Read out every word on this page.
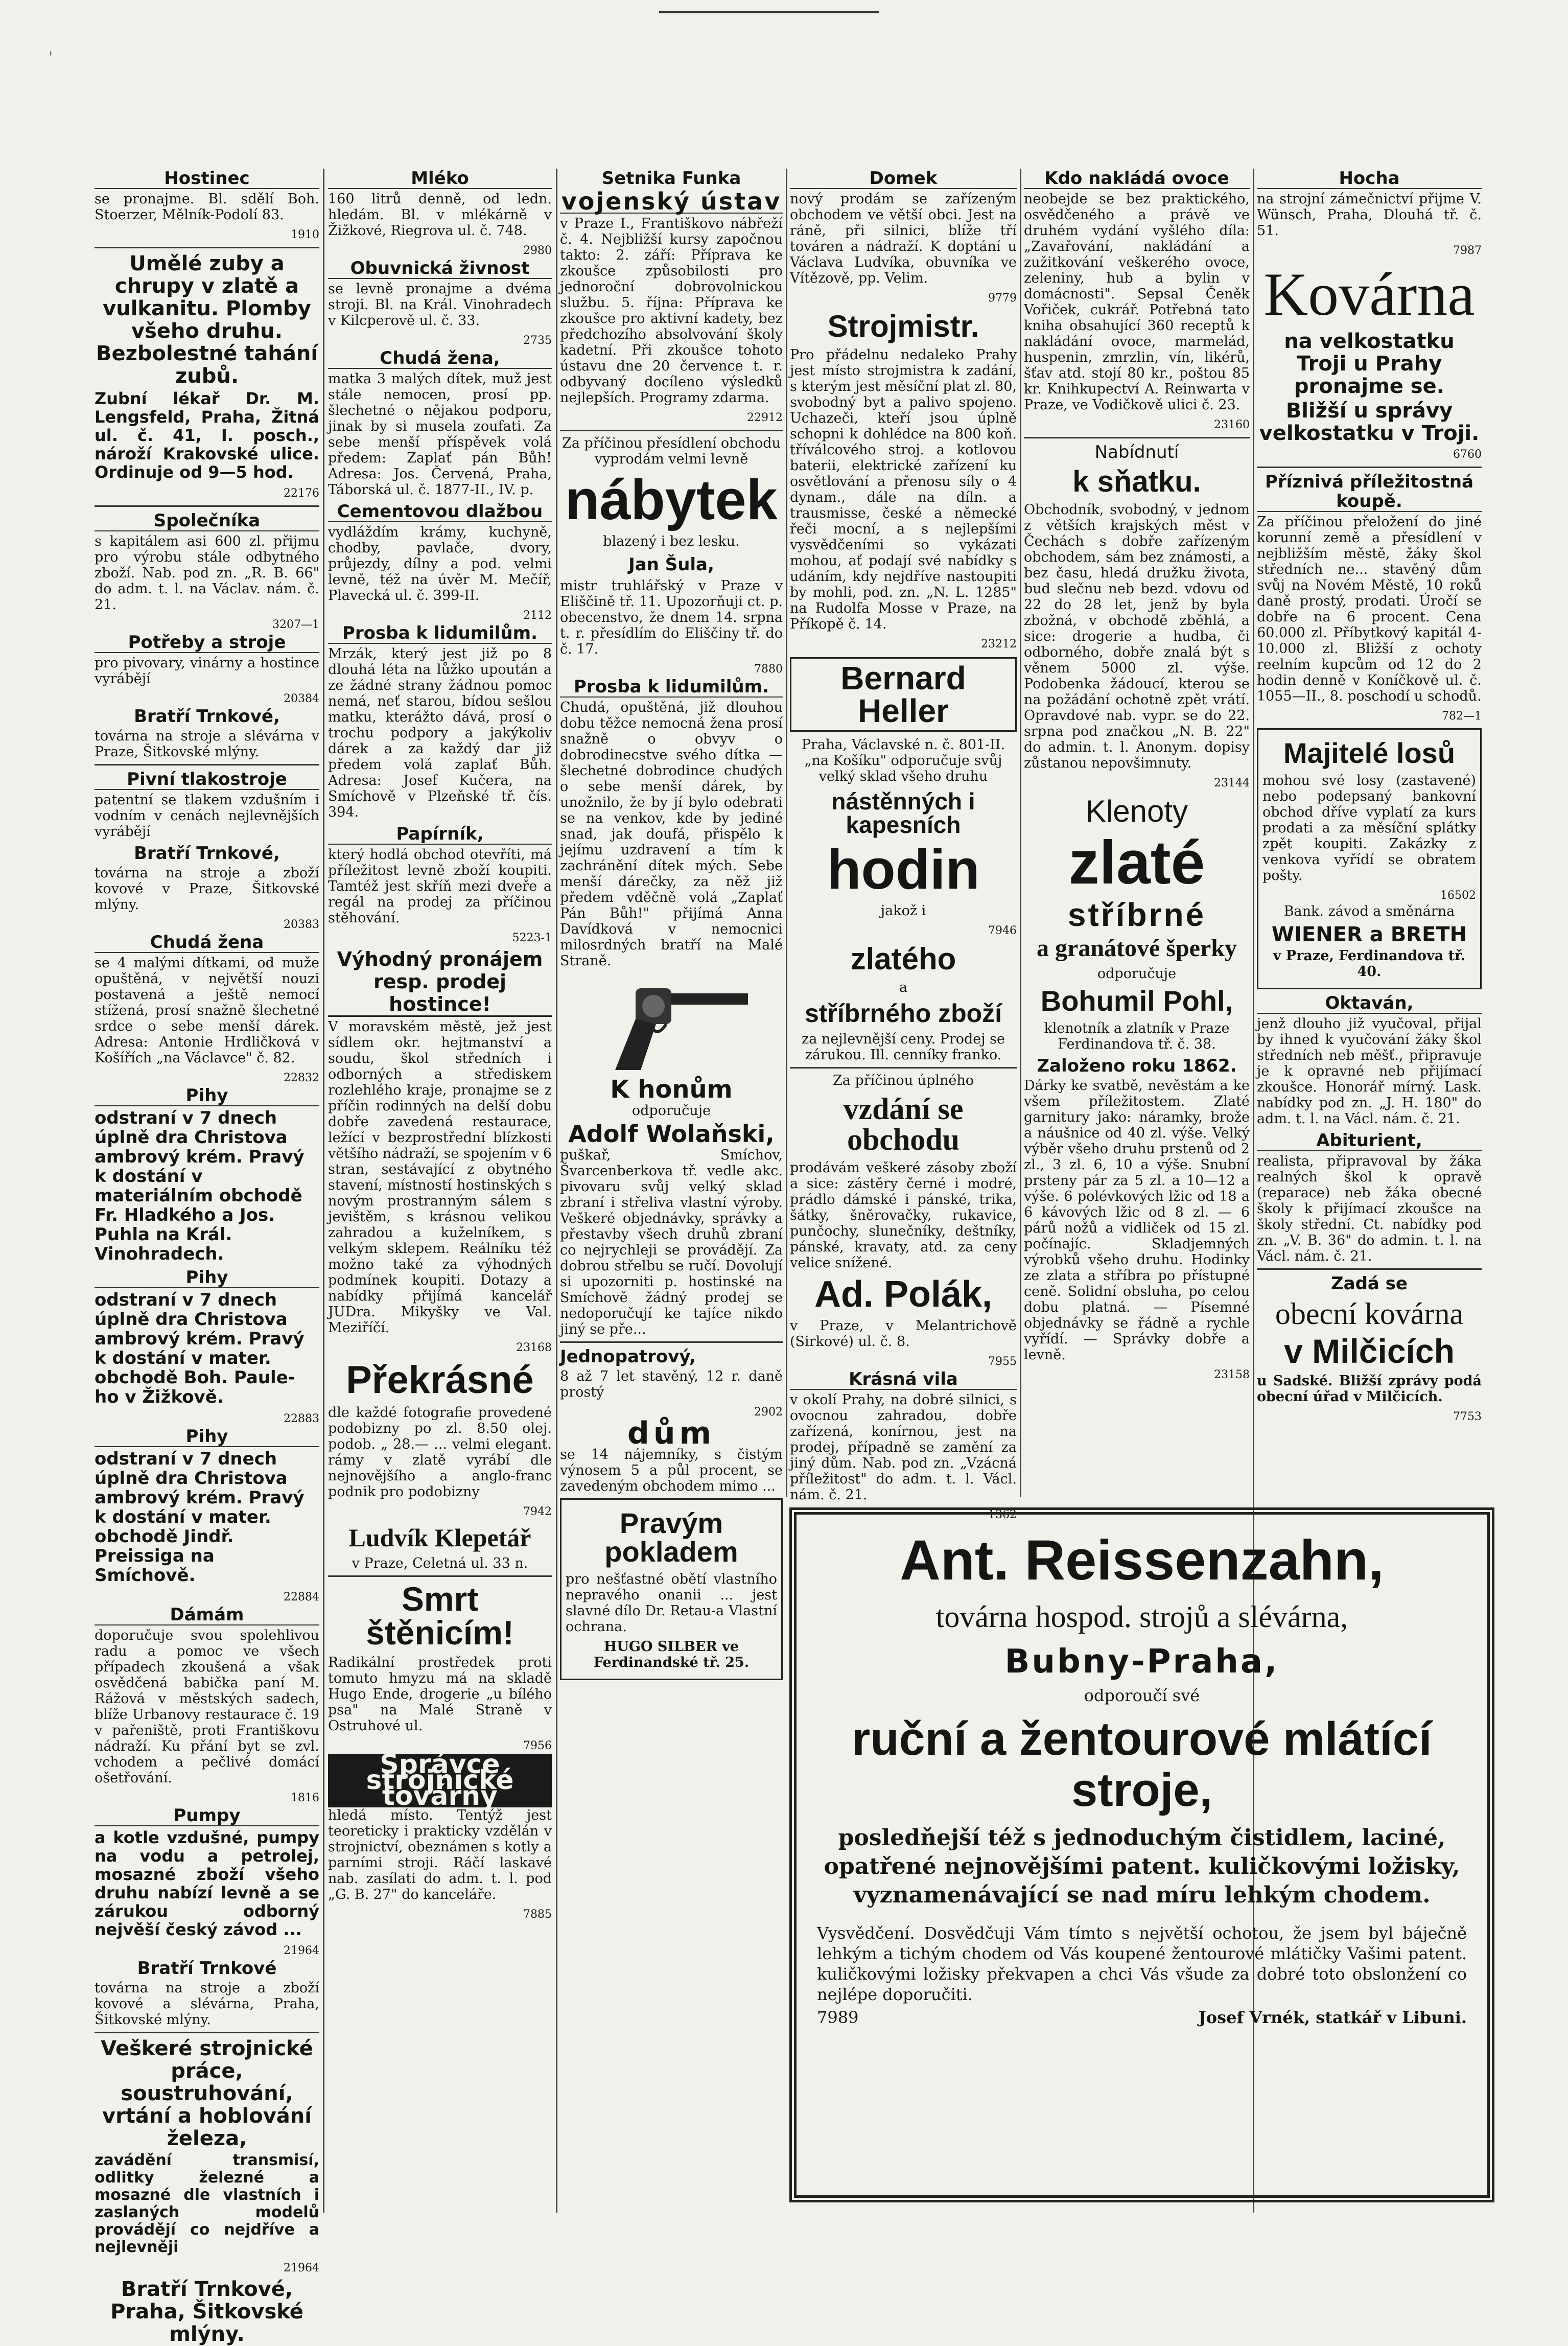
'
Hostinec

se pronajme. Bl. sdělí Boh. Stoerzer, Mělník-Podolí 83.

1910
Umělé zuby a chrupy v zlatě a vulkanitu. Plomby všeho druhu. Bezbolestné tahání zubů.

Zubní lékař Dr. M. Lengsfeld, Praha, Žitná ul. č. 41, I. posch., nároží Krakovské ulice. Ordinuje od 9—5 hod.

22176
Společníka

s kapitálem asi 600 zl. přijmu pro výrobu stále odbytného zboží. Nab. pod zn. „R. B. 66" do adm. t. l. na Václav. nám. č. 21.

3207—1
Potřeby a stroje

pro pivovary, vinárny a hostince vyrábějí

20384
Bratří Trnkové,

továrna na stroje a slévárna v Praze, Šitkovské mlýny.

Pivní tlakostroje

patentní se tlakem vzdušním i vodním v cenách nejlevnějších vyrábějí

Bratří Trnkové,

továrna na stroje a zboží kovové v Praze, Šitkovské mlýny.

20383
Chudá žena

se 4 malými dítkami, od muže opuštěná, v největší nouzi postavená a ještě nemocí stížená, prosí snažně šlechetné srdce o sebe menší dárek. Adresa: Antonie Hrdličková v Košířích „na Václavce" č. 82.

22832
Pihy

odstraní v 7 dnech úplně dra Christova ambrový krém. Pravý k dostání v materiálním obchodě Fr. Hladkého a Jos. Puhla na Král. Vinohradech.

Pihy

odstraní v 7 dnech úplně dra Christova ambrový krém. Pravý k dostání v mater. obchodě Boh. Paule-ho v Žižkově.

22883
Pihy

odstraní v 7 dnech úplně dra Christova ambrový krém. Pravý k dostání v mater. obchodě Jindř. Preissiga na Smíchově.

22884
Dámám

doporučuje svou spolehlivou radu a pomoc ve všech případech zkoušená a však osvědčená babička paní M. Rážová v městských sadech, blíže Urbanovy restaurace č. 19 v pařeniště, proti Františkovu nádraží. Ku přání byt se zvl. vchodem a pečlivé domácí ošetřování.

1816
Pumpy

a kotle vzdušné, pumpy na vodu a petrolej, mosazné zboží všeho druhu nabízí levně a se zárukou odborný nejvěší český závod ...

21964
Bratří Trnkové

továrna na stroje a zboží kovové a slévárna, Praha, Šitkovské mlýny.

Veškeré strojnické práce, soustruhování, vrtání a hoblování železa,

zavádění transmisí, odlitky železné a mosazné dle vlastních i zaslaných modelů provádějí co nejdříve a nejlevněji

21964
Bratří Trnkové, Praha, Šitkovské mlýny.
Mléko

160 litrů denně, od ledn. hledám. Bl. v mlékárně v Žižkové, Riegrova ul. č. 748.

2980
Obuvnická živnost

se levně pronajme a dvéma stroji. Bl. na Král. Vinohradech v Kilcperově ul. č. 33.

2735
Chudá žena,

matka 3 malých dítek, muž jest stále nemocen, prosí pp. šlechetné o nějakou podporu, jinak by si musela zoufati. Za sebe menší příspěvek volá předem: Zaplať pán Bůh! Adresa: Jos. Červená, Praha, Táborská ul. č. 1877-II., IV. p.

Cementovou dlažbou

vydláždím krámy, kuchyně, chodby, pavlače, dvory, průjezdy, dílny a pod. velmi levně, též na úvěr M. Mečíř, Plavecká ul. č. 399-II.

2112
Prosba k lidumilům.

Mrzák, který jest již po 8 dlouhá léta na lůžko upoután a ze žádné strany žádnou pomoc nemá, neť starou, bídou sešlou matku, kterážto dává, prosí o trochu podpory a jakýkoliv dárek a za každý dar již předem volá zaplať Bůh. Adresa: Josef Kučera, na Smíchově v Plzeňské tř. čís. 394.

Papírník,

který hodlá obchod otevříti, má příležitost levně zboží koupiti. Tamtéž jest skříň mezi dveře a regál na prodej za příčinou stěhování.

5223-1
Výhodný pronájem resp. prodej hostince!

V moravském městě, jež jest sídlem okr. hejtmanství a soudu, škol středních i odborných a střediskem rozlehlého kraje, pronajme se z příčin rodinných na delší dobu dobře zavedená restaurace, ležící v bezprostřední blízkosti většího nádraží, se spojením v 6 stran, sestávající z obytného stavení, místností hostinských s novým prostranným sálem s jevištěm, s krásnou velikou zahradou a kuželníkem, s velkým sklepem. Reálníku též možno také za výhodných podmínek koupiti. Dotazy a nabídky přijímá kancelář JUDra. Mikyšky ve Val. Meziříčí.

23168
Překrásné

dle každé fotografie provedené podobizny po zl. 8.50 olej. podob. „ 28.— ... velmi elegant. rámy v zlatě vyrábí dle nejnovějšího a anglo-franc podnik pro podobizny

7942
Ludvík Klepetář

v Praze, Celetná ul. 33 n.

Smrt štěnicím!

Radikální prostředek proti tomuto hmyzu má na skladě Hugo Ende, drogerie „u bílého psa" na Malé Straně v Ostruhové ul.

7956
Správce strojnické továrny

hledá místo. Tentýž jest teoreticky i prakticky vzdělán v strojnictví, obeznámen s kotly a parními stroji. Ráčí laskavé nab. zasílati do adm. t. l. pod „G. B. 27" do kanceláře.

7885
Setnika Funka
vojenský ústav

v Praze I., Františkovo nábřeží č. 4. Nejbližší kursy započnou takto: 2. září: Příprava ke zkoušce způsobilosti pro jednoroční dobrovolnickou službu. 5. října: Příprava ke zkoušce pro aktivní kadety, bez předchozího absolvování školy kadetní. Při zkoušce tohoto ústavu dne 20 července t. r. odbyvaný docíleno výsledků nejlepších. Programy zdarma.

22912

Za příčinou přesídlení obchodu vyprodám velmi levně

nábytek

blazený i bez lesku.

Jan Šula,

mistr truhlářský v Praze v Eliščině tř. 11. Upozorňuji ct. p. obecenstvo, že dnem 14. srpna t. r. přesídlím do Eliščiny tř. do č. 17.

7880
Prosba k lidumilům.

Chudá, opuštěná, již dlouhou dobu těžce nemocná žena prosí snažně o obvyv o dobrodinecstve svého dítka — šlechetné dobrodince chudých o sebe menší dárek, by unožnilo, že by jí bylo odebrati se na venkov, kde by jediné snad, jak doufá, přispělo k jejímu uzdravení a tím k zachránění dítek mých. Sebe menší dárečky, za něž již předem vděčně volá „Zaplať Pán Bůh!" přijímá Anna Davídková v nemocnici milosrdných bratří na Malé Straně.

K honům

odporučuje

Adolf Wolaňski,

puškař, Smíchov, Švarcenberkova tř. vedle akc. pivovaru svůj velký sklad zbraní i střeliva vlastní výroby. Veškeré objednávky, správky a přestavby všech druhů zbraní co nejrychleji se provádějí. Za dobrou střelbu se ručí. Dovolují si upozorniti p. hostinské na Smíchově žádný prodej se nedoporučují ke tajíce nikdo jiný se pře...

Jednopatrový,

8 až 7 let stavěný, 12 r. daně prostý

2902
dům

se 14 nájemníky, s čistým výnosem 5 a půl procent, se zavedeným obchodem mimo ...

Pravým pokladem

pro nešťastné obětí vlastního nepravého onanii ... jest slavné dílo Dr. Retau-a Vlastní ochrana.

HUGO SILBER ve Ferdinandské tř. 25.

Domek

nový prodám se zařízeným obchodem ve větší obci. Jest na ráně, při silnici, blíže tří továren a nádraží. K doptání u Václava Ludvíka, obuvníka ve Vítězově, pp. Velim.

9779
Strojmistr.

Pro přádelnu nedaleko Prahy jest místo strojmistra k zadání, s kterým jest měsíční plat zl. 80, svobodný byt a palivo spojeno. Uchazeči, kteří jsou úplně schopni k dohlédce na 800 koň. tříválcového stroj. a kotlovou baterii, elektrické zařízení ku osvětlování a přenosu síly o 4 dynam., dále na díln. a trausmisse, české a německé řeči mocní, a s nejlepšími vysvědčeními so vykázati mohou, ať podají své nabídky s udáním, kdy nejdříve nastoupiti by mohli, pod. zn. „N. L. 1285" na Rudolfa Mosse v Praze, na Příkopě č. 14.

23212
Bernard Heller

Praha, Václavské n. č. 801-II. „na Košíku" odporučuje svůj velký sklad všeho druhu

nástěnných i kapesních
hodin

jakož i

7946
zlatého

a

stříbrného zboží

za nejlevnější ceny. Prodej se zárukou. Ill. cenníky franko.

Za příčinou úplného

vzdání se obchodu

prodávám veškeré zásoby zboží a sice: zástěry černé i modré, prádlo dámské i pánské, trika, šátky, šněrovačky, rukavice, punčochy, slunečníky, deštníky, pánské, kravaty, atd. za ceny velice snížené.

Ad. Polák,

v Praze, v Melantrichově (Sirkové) ul. č. 8.

7955
Krásná vila

v okolí Prahy, na dobré silnici, s ovocnou zahradou, dobře zařízená, konírnou, jest na prodej, případně se zamění za jiný dům. Nab. pod zn. „Vzácná příležitost" do adm. t. l. Václ. nám. č. 21.

1362
Kdo nakládá ovoce

neobejde se bez praktického, osvědčeného a právě ve druhém vydání vyšlého díla: „Zavařování, nakládání a zužitkování veškerého ovoce, zeleniny, hub a bylin v domácnosti". Sepsal Čeněk Vořiček, cukrář. Potřebná tato kniha obsahující 360 receptů k nakládání ovoce, marmelád, huspenin, zmrzlin, vín, likérů, šťav atd. stojí 80 kr., poštou 85 kr. Knihkupectví A. Reinwarta v Praze, ve Vodičkově ulici č. 23.

23160
Nabídnutí
k sňatku.

Obchodník, svobodný, v jednom z větších krajských měst v Čechách s dobře zařízeným obchodem, sám bez známosti, a bez času, hledá družku života, bud slečnu neb bezd. vdovu od 22 do 28 let, jenž by byla zbožná, v obchodě zběhlá, a sice: drogerie a hudba, či odborného, dobře znalá být s věnem 5000 zl. výše. Podobenka žádoucí, kterou se na požádání ochotně zpět vrátí. Opravdové nab. vypr. se do 22. srpna pod značkou „N. B. 22" do admin. t. l. Anonym. dopisy zůstanou nepovšimnuty.

23144
Klenoty
zlaté
stříbrné
a granátové šperky

odporučuje

Bohumil Pohl,

klenotník a zlatník v Praze Ferdinandova tř. č. 38.

Založeno roku 1862.

Dárky ke svatbě, nevěstám a ke všem příležitostem. Zlaté garnitury jako: náramky, brože a náušnice od 40 zl. výše. Velký výběr všeho druhu prstenů od 2 zl., 3 zl. 6, 10 a výše. Snubní prsteny pár za 5 zl. a 10—12 a výše. 6 polévkových lžic od 18 a 6 kávových lžic od 8 zl. — 6 párů nožů a vidliček od 15 zl. počínajíc. Skladjemných výrobků všeho druhu. Hodinky ze zlata a stříbra po přístupné ceně. Solidní obsluha, po celou dobu platná. — Písemné objednávky se řádně a rychle vyřídí. — Správky dobře a levně.

23158
Hocha

na strojní zámečnictví přijme V. Wünsch, Praha, Dlouhá tř. č. 51.

7987
Kovárna
na velkostatku Troji u Prahy pronajme se.
Bližší u správy velkostatku v Troji.
6760
Příznivá příležitostná koupě.

Za příčinou přeložení do jiné korunní země a přesídlení v nejbližším městě, žáky škol středních ne... stavěný dům svůj na Novém Městě, 10 roků daně prostý, prodati. Úročí se dobře na 6 procent. Cena 60.000 zl. Příbytkový kapitál 4-10.000 zl. Bližší z ochoty reelním kupcům od 12 do 2 hodin denně v Koníčkově ul. č. 1055—II., 8. poschodí u schodů.

782—1
Majitelé losů

mohou své losy (zastavené) nebo podepsaný bankovní obchod dříve vyplatí za kurs prodati a za měsíční splátky zpět koupiti. Zakázky z venkova vyřídí se obratem pošty.

16502

Bank. závod a směnárna

WIENER a BRETH

v Praze, Ferdinandova tř. 40.

Oktaván,

jenž dlouho již vyučoval, přijal by ihned k vyučování žáky škol středních neb měšť., připravuje je k opravné neb přijímací zkoušce. Honorář mírný. Lask. nabídky pod zn. „J. H. 180" do adm. t. l. na Václ. nám. č. 21.

Abiturient,

realista, připravoval by žáka realných škol k opravě (reparace) neb žáka obecné školy k přijímací zkoušce na školy střední. Ct. nabídky pod zn. „V. B. 36" do admin. t. l. na Václ. nám. č. 21.

Zadá se
obecní kovárna
v Milčicích

u Sadské. Bližší zprávy podá obecní úřad v Milčicích.

7753
Ant. Reissenzahn,
továrna hospod. strojů a slévárna,
Bubny-Praha,
odporoučí své
ruční a žentourové mlátící stroje,
posledňejší též s jednoduchým čistidlem, laciné, opatřené nejnovějšími patent. kuličkovými ložisky, vyznamenávající se nad míru lehkým chodem.
Vysvědčení. Dosvědčuji Vám tímto s největší ochotou, že jsem byl báječně lehkým a tichým chodem od Vás koupené žentourové mlátičky Vašimi patent. kuličkovými ložisky překvapen a chci Vás všude za dobré toto obslonžení co nejlépe doporučiti.
7989	Josef Vrnék, statkář v Libuni.
